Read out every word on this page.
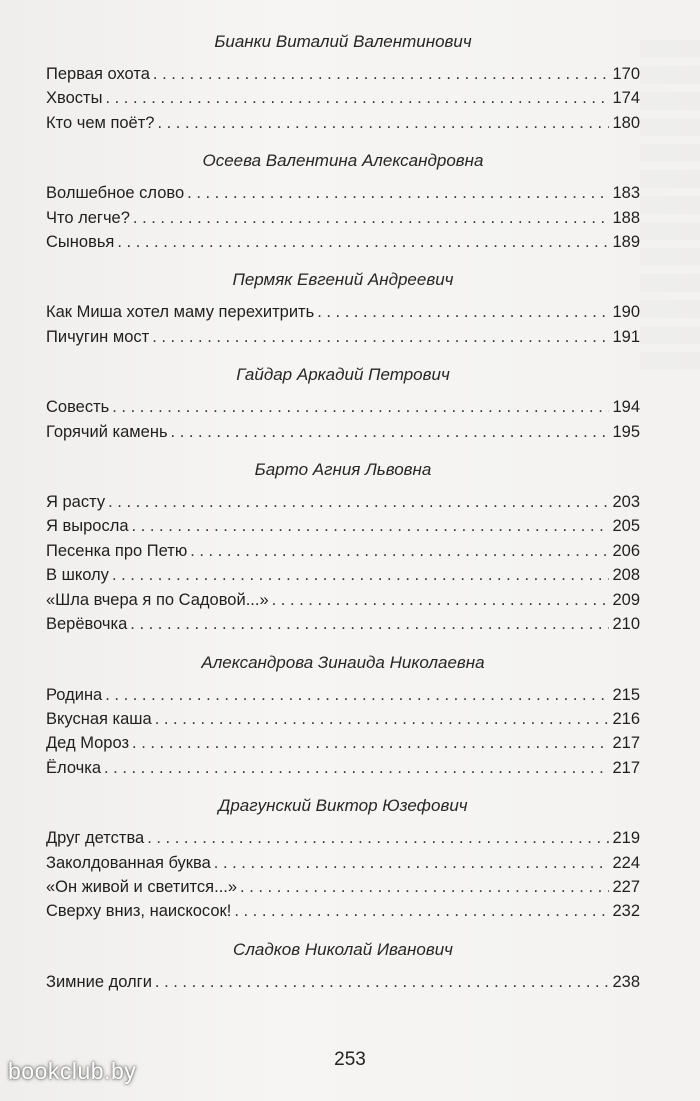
Бианки Виталий Валентинович
Первая охота . . .	170
Хвосты . . .	174
Кто чем поёт? . . .	180
Осеева Валентина Александровна
Волшебное слово . . .	183
Что легче? . . .	188
Сыновья . . .	189
Пермяк Евгений Андреевич
Как Миша хотел маму перехитрить . . .	190
Пичугин мост . . .	191
Гайдар Аркадий Петрович
Совесть . . .	194
Горячий камень . . .	195
Барто Агния Львовна
Я расту . . .	203
Я выросла . . .	205
Песенка про Петю . . .	206
В школу . . .	208
«Шла вчера я по Садовой...» . . .	209
Верёвочка . . .	210
Александрова Зинаида Николаевна
Родина . . .	215
Вкусная каша . . .	216
Дед Мороз . . .	217
Ёлочка . . .	217
Драгунский Виктор Юзефович
Друг детства . . .	219
Заколдованная буква . . .	224
«Он живой и светится...» . . .	227
Сверху вниз, наискосок! . . .	232
Сладков Николай Иванович
Зимние долги . . .	238
253
bookclub.by
